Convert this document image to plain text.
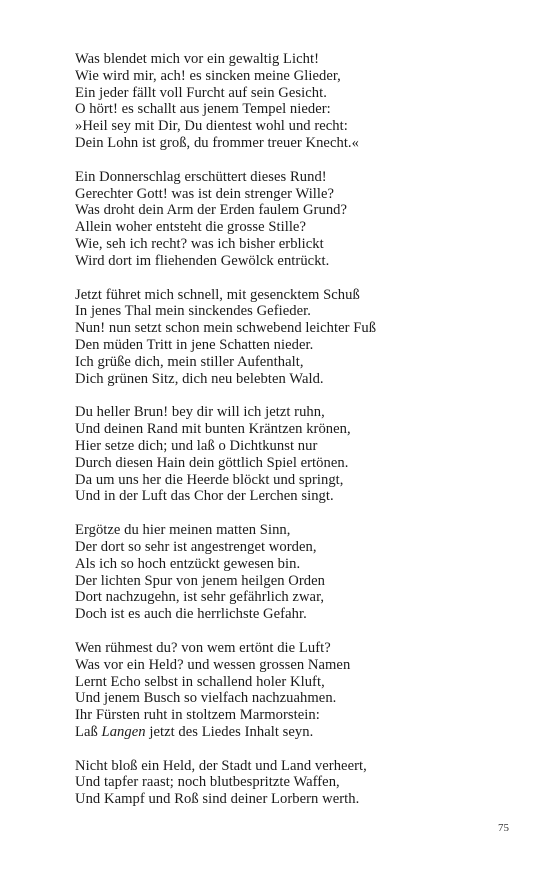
Was blendet mich vor ein gewaltig Licht!
Wie wird mir, ach! es sincken meine Glieder,
Ein jeder fällt voll Furcht auf sein Gesicht.
O hört! es schallt aus jenem Tempel nieder:
»Heil sey mit Dir, Du dientest wohl und recht:
Dein Lohn ist groß, du frommer treuer Knecht.«
Ein Donnerschlag erschüttert dieses Rund!
Gerechter Gott! was ist dein strenger Wille?
Was droht dein Arm der Erden faulem Grund?
Allein woher entsteht die grosse Stille?
Wie, seh ich recht? was ich bisher erblickt
Wird dort im fliehenden Gewölck entrückt.
Jetzt führet mich schnell, mit gesencktem Schuß
In jenes Thal mein sinckendes Gefieder.
Nun! nun setzt schon mein schwebend leichter Fuß
Den müden Tritt in jene Schatten nieder.
Ich grüße dich, mein stiller Aufenthalt,
Dich grünen Sitz, dich neu belebten Wald.
Du heller Brun! bey dir will ich jetzt ruhn,
Und deinen Rand mit bunten Kräntzen krönen,
Hier setze dich; und laß o Dichtkunst nur
Durch diesen Hain dein göttlich Spiel ertönen.
Da um uns her die Heerde blöckt und springt,
Und in der Luft das Chor der Lerchen singt.
Ergötze du hier meinen matten Sinn,
Der dort so sehr ist angestrenget worden,
Als ich so hoch entzückt gewesen bin.
Der lichten Spur von jenem heilgen Orden
Dort nachzugehn, ist sehr gefährlich zwar,
Doch ist es auch die herrlichste Gefahr.
Wen rühmest du? von wem ertönt die Luft?
Was vor ein Held? und wessen grossen Namen
Lernt Echo selbst in schallend holer Kluft,
Und jenem Busch so vielfach nachzuahmen.
Ihr Fürsten ruht in stoltzem Marmorstein:
Laß Langen jetzt des Liedes Inhalt seyn.
Nicht bloß ein Held, der Stadt und Land verheert,
Und tapfer raast; noch blutbespritzte Waffen,
Und Kampf und Roß sind deiner Lorbern werth.
75
